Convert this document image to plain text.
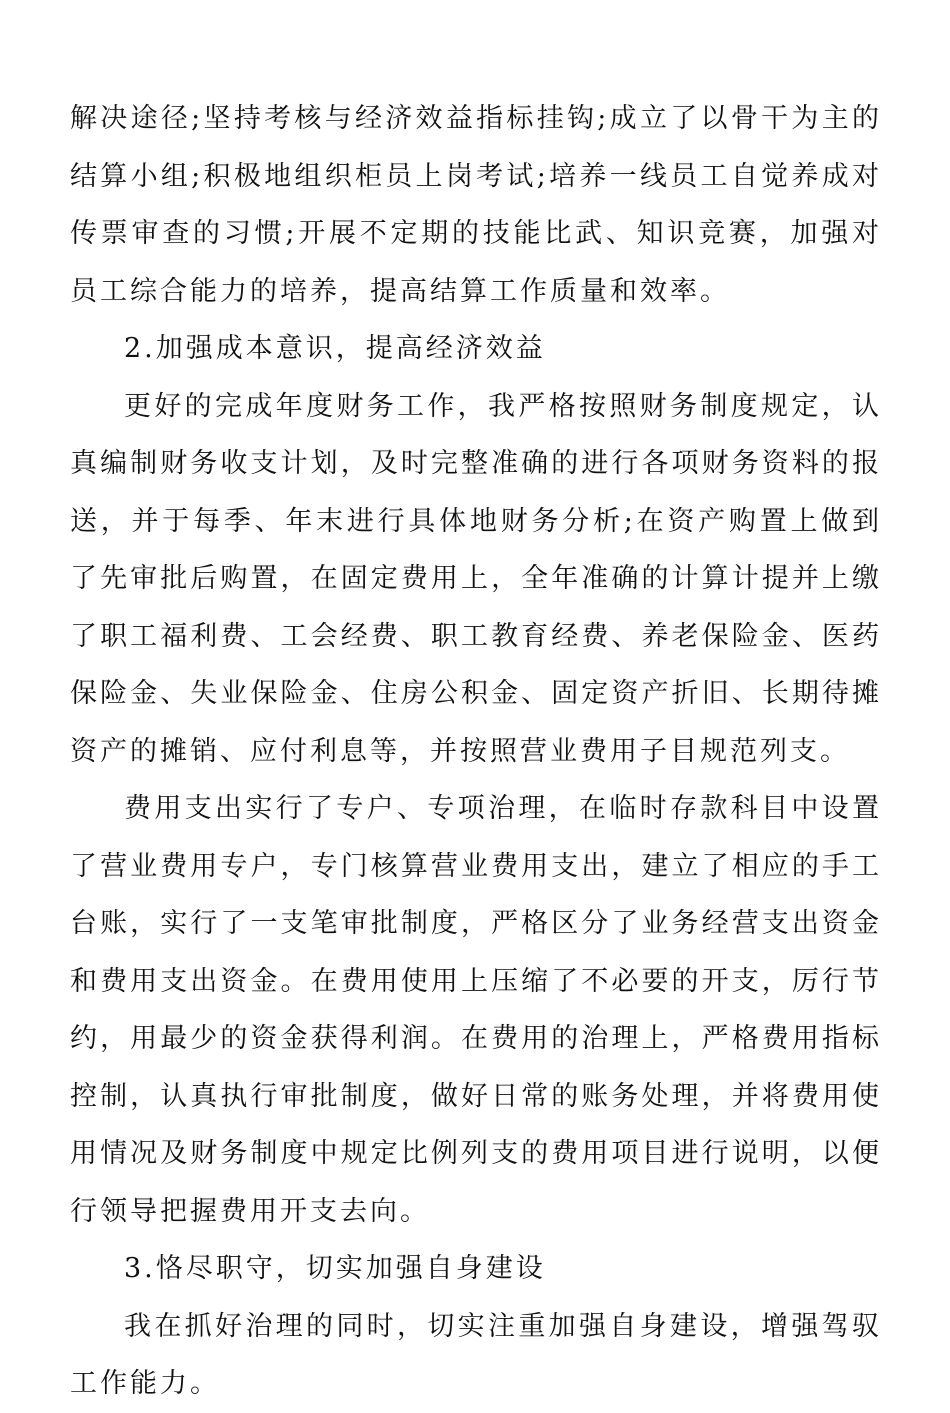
解决途径;坚持考核与经济效益指标挂钩;成立了以骨干为主的结算小组;积极地组织柜员上岗考试;培养一线员工自觉养成对传票审查的习惯;开展不定期的技能比武、知识竞赛，加强对员工综合能力的培养，提高结算工作质量和效率。

2.加强成本意识，提高经济效益

更好的完成年度财务工作，我严格按照财务制度规定，认真编制财务收支计划，及时完整准确的进行各项财务资料的报送，并于每季、年末进行具体地财务分析;在资产购置上做到了先审批后购置，在固定费用上，全年准确的计算计提并上缴了职工福利费、工会经费、职工教育经费、养老保险金、医药保险金、失业保险金、住房公积金、固定资产折旧、长期待摊资产的摊销、应付利息等，并按照营业费用子目规范列支。

费用支出实行了专户、专项治理，在临时存款科目中设置了营业费用专户，专门核算营业费用支出，建立了相应的手工台账，实行了一支笔审批制度，严格区分了业务经营支出资金和费用支出资金。在费用使用上压缩了不必要的开支，厉行节约，用最少的资金获得利润。在费用的治理上，严格费用指标控制，认真执行审批制度，做好日常的账务处理，并将费用使用情况及财务制度中规定比例列支的费用项目进行说明，以便行领导把握费用开支去向。

3.恪尽职守，切实加强自身建设

我在抓好治理的同时，切实注重加强自身建设，增强驾驭工作能力。
